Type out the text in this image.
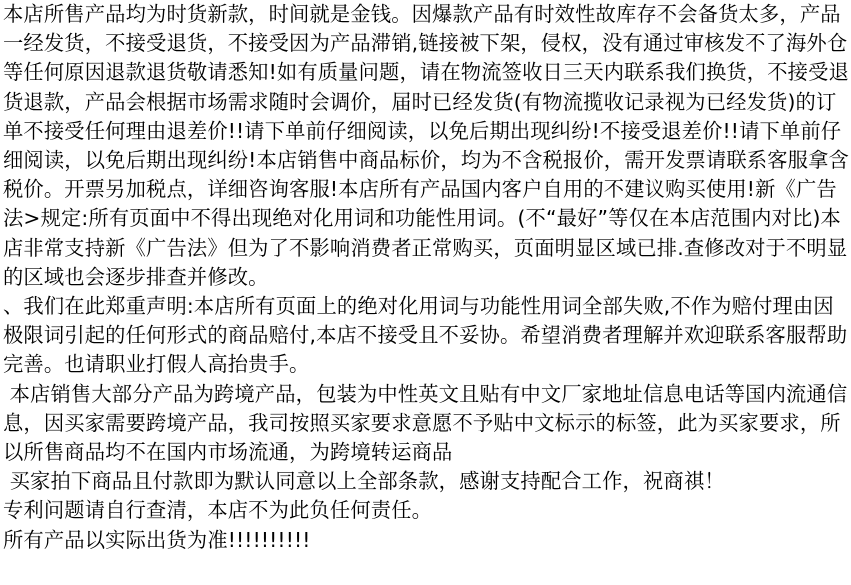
本店所售产品均为时货新款，时间就是金钱。因爆款产品有时效性故库存不会备货太多，产品一经发货，不接受退货，不接受因为产品滞销,链接被下架，侵权，没有通过审核发不了海外仓等任何原因退款退货敬请悉知!如有质量问题，请在物流签收日三天内联系我们换货，不接受退货退款，产品会根据市场需求随时会调价，届时已经发货(有物流揽收记录视为已经发货)的订单不接受任何理由退差价!!请下单前仔细阅读，以免后期出现纠纷!不接受退差价!!请下单前仔细阅读，以免后期出现纠纷!本店销售中商品标价，均为不含税报价，需开发票请联系客服拿含税价。开票另加税点，详细咨询客服!本店所有产品国内客户自用的不建议购买使用!新《广告法>规定:所有页面中不得出现绝对化用词和功能性用词。(不“最好”等仅在本店范围内对比)本店非常支持新《广告法》但为了不影响消费者正常购买，页面明显区域已排.查修改对于不明显的区域也会逐步排查并修改。

、我们在此郑重声明:本店所有页面上的绝对化用词与功能性用词全部失败,不作为赔付理由因极限词引起的任何形式的商品赔付,本店不接受且不妥协。希望消费者理解并欢迎联系客服帮助完善。也请职业打假人高抬贵手。

本店销售大部分产品为跨境产品，包装为中性英文且贴有中文厂家地址信息电话等国内流通信息，因买家需要跨境产品，我司按照买家要求意愿不予贴中文标示的标签，此为买家要求，所以所售商品均不在国内市场流通，为跨境转运商品

买家拍下商品且付款即为默认同意以上全部条款，感谢支持配合工作，祝商祺！

专利问题请自行查清，本店不为此负任何责任。

所有产品以实际出货为准!!!!!!!!!!
